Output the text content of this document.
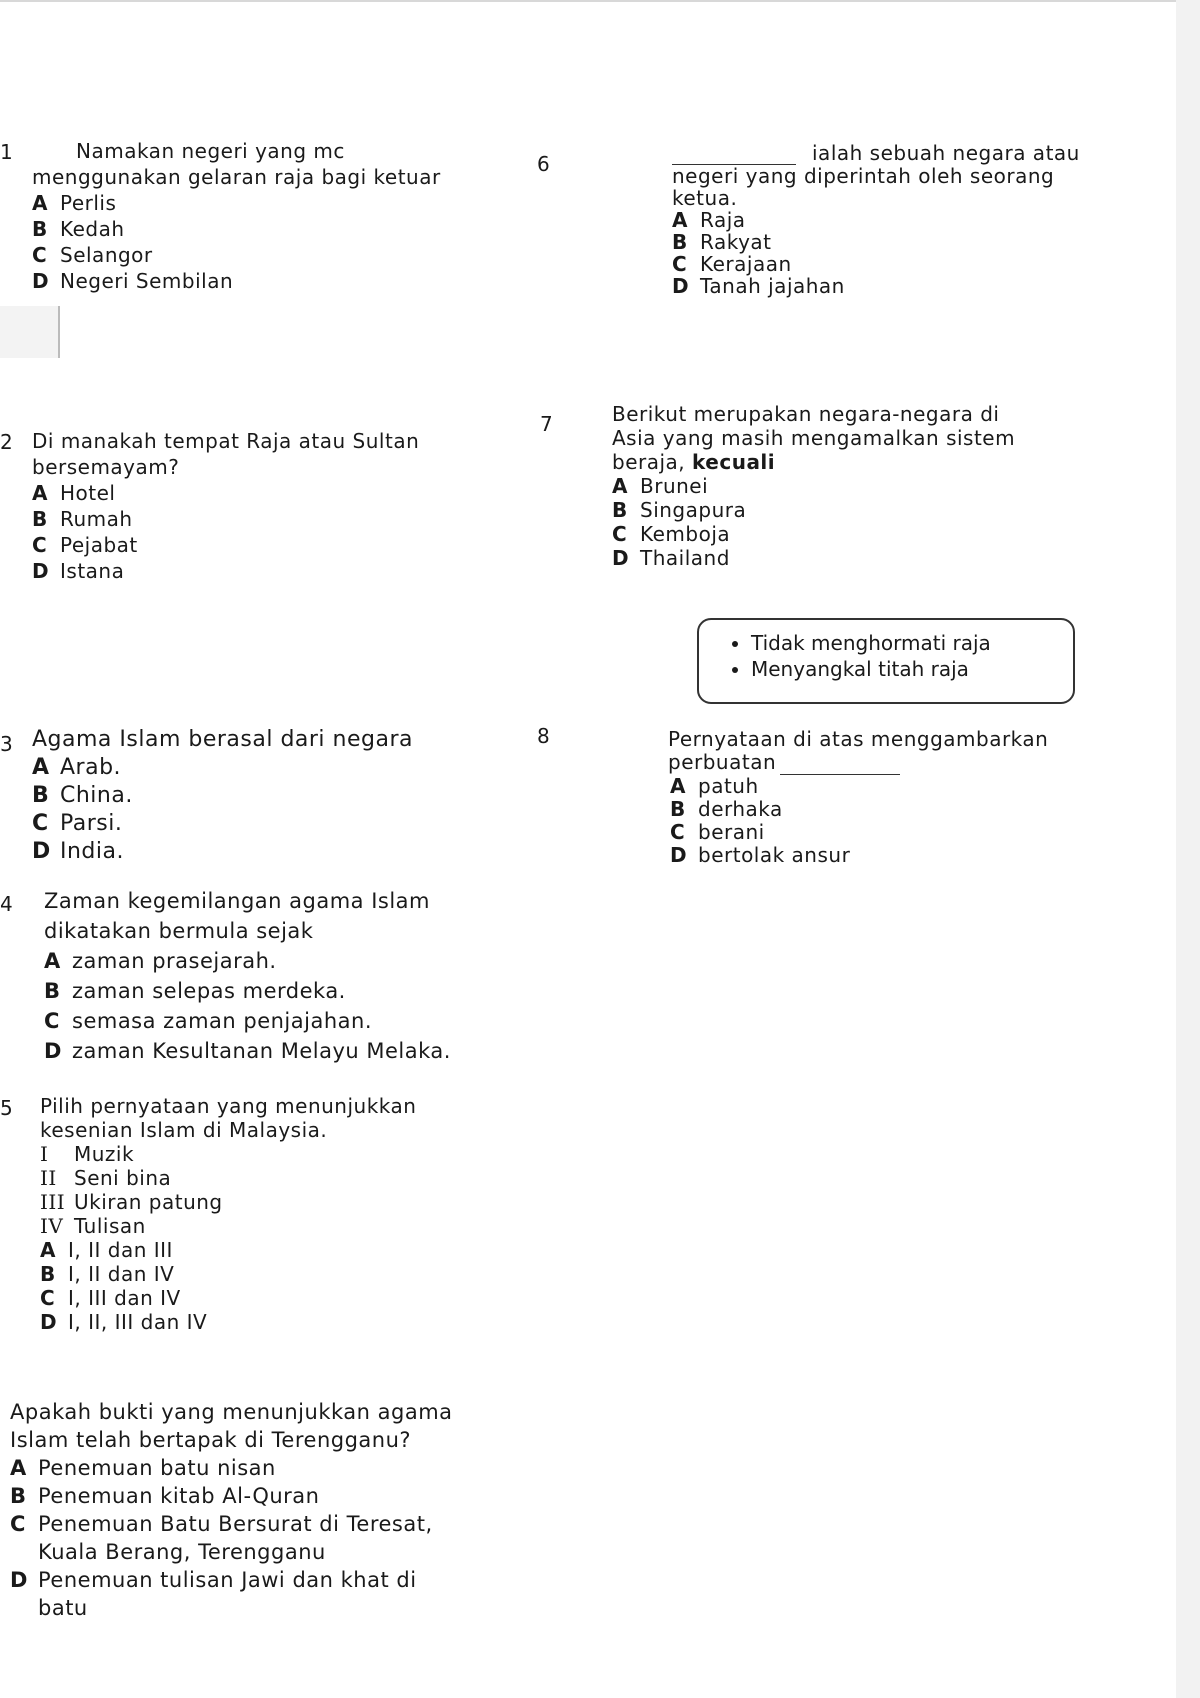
1	Namakan negeri yang mc
menggunakan gelaran raja bagi ketuar
A Perlis
B Kedah
C Selangor
D Negeri Sembilan
2 Di manakah tempat Raja atau Sultan
bersemayam?
A Hotel
B Rumah
C Pejabat
D Istana
3 Agama Islam berasal dari negara
A Arab.
B China.
C Parsi.
D India.
4 Zaman kegemilangan agama Islam
dikatakan bermula sejak
A zaman prasejarah.
B zaman selepas merdeka.
C semasa zaman penjajahan.
D zaman Kesultanan Melayu Melaka.
5 Pilih pernyataan yang menunjukkan
kesenian Islam di Malaysia.
I Muzik
II Seni bina
III Ukiran patung
IV Tulisan
A I, II dan III
B I, II dan IV
C I, III dan IV
D I, II, III dan IV
6	ialah sebuah negara atau
negeri yang diperintah oleh seorang
ketua.
A Raja
B Rakyat
C Kerajaan
D Tanah jajahan
7	Berikut merupakan negara-negara di
Asia yang masih mengamalkan sistem
beraja, kecuali
A Brunei
B Singapura
C Kemboja
D Thailand
• Tidak menghormati raja
• Menyangkal titah raja
8	Pernyataan di atas menggambarkan
perbuatan
A patuh
B derhaka
C berani
D bertolak ansur
Apakah bukti yang menunjukkan agama
Islam telah bertapak di Terengganu?
A Penemuan batu nisan
B Penemuan kitab Al-Quran
C Penemuan Batu Bersurat di Teresat,
Kuala Berang, Terengganu
D Penemuan tulisan Jawi dan khat di
batu
